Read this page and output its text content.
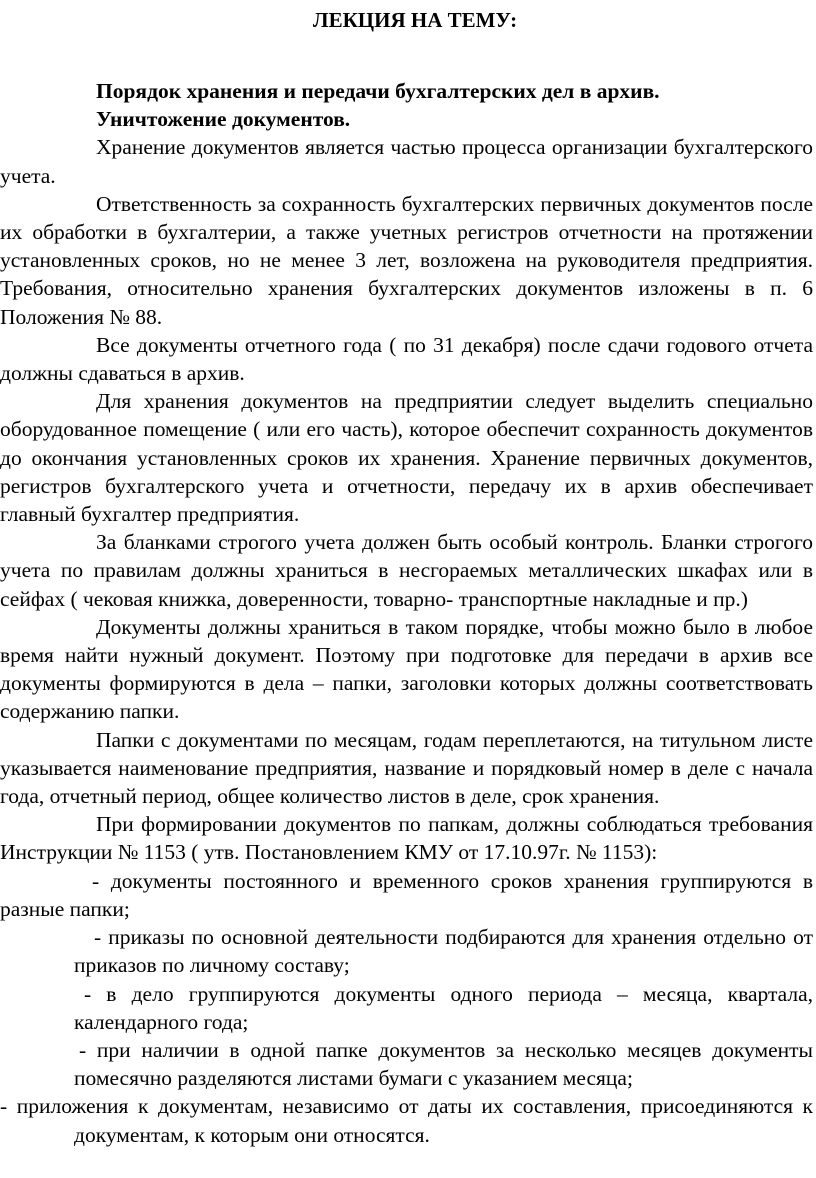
ЛЕКЦИЯ НА ТЕМУ:

Порядок хранения и передачи бухгалтерских дел в архив.

Уничтожение документов.

Хранение документов является частью процесса организации бухгалтерского учета.

Ответственность за сохранность бухгалтерских первичных документов после их обработки в бухгалтерии, а также учетных регистров отчетности на протяжении установленных сроков, но не менее 3 лет, возложена на руководителя предприятия. Требования, относительно хранения бухгалтерских документов изложены в п. 6 Положения № 88.

Все документы отчетного года ( по 31 декабря) после сдачи годового отчета должны сдаваться в архив.

Для хранения документов на предприятии следует выделить специально оборудованное помещение ( или его часть), которое обеспечит сохранность документов до окончания установленных сроков их хранения. Хранение первичных документов, регистров бухгалтерского учета и отчетности, передачу их в архив обеспечивает главный бухгалтер предприятия.

За бланками строгого учета должен быть особый контроль. Бланки строгого учета по правилам должны храниться в несгораемых металлических шкафах или в сейфах ( чековая книжка, доверенности, товарно- транспортные накладные и пр.)

Документы должны храниться в таком порядке, чтобы можно было в любое время найти нужный документ. Поэтому при подготовке для передачи в архив все документы формируются в дела – папки, заголовки которых должны соответствовать содержанию папки.

Папки с документами по месяцам, годам переплетаются, на титульном листе указывается наименование предприятия, название и порядковый номер в деле с начала года, отчетный период, общее количество листов в деле, срок хранения.

При формировании документов по папкам, должны соблюдаться требования Инструкции № 1153 ( утв. Постановлением КМУ от 17.10.97г. № 1153):

- документы постоянного и временного сроков хранения группируются в разные папки;

- приказы по основной деятельности подбираются для хранения отдельно от приказов по личному составу;

- в дело группируются документы одного периода – месяца, квартала, календарного года;

- при наличии в одной папке документов за несколько месяцев документы помесячно разделяются листами бумаги с указанием месяца;

- приложения к документам, независимо от даты их составления, присоединяются к документам, к которым они относятся.
